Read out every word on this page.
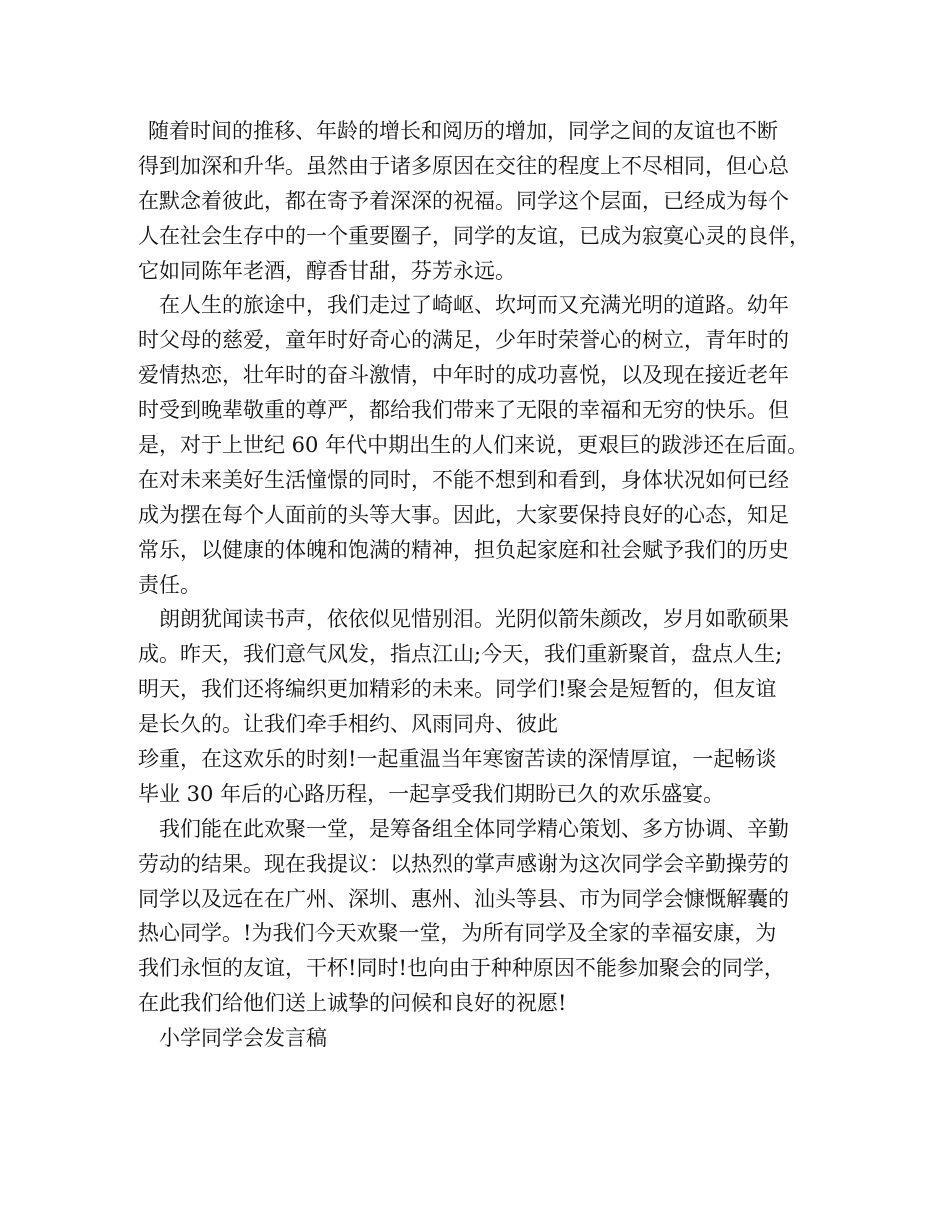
随着时间的推移、年龄的增长和阅历的增加，同学之间的友谊也不断
得到加深和升华。虽然由于诸多原因在交往的程度上不尽相同，但心总
在默念着彼此，都在寄予着深深的祝福。同学这个层面，已经成为每个
人在社会生存中的一个重要圈子，同学的友谊，已成为寂寞心灵的良伴，
它如同陈年老酒，醇香甘甜，芬芳永远。
在人生的旅途中，我们走过了崎岖、坎坷而又充满光明的道路。幼年
时父母的慈爱，童年时好奇心的满足，少年时荣誉心的树立，青年时的
爱情热恋，壮年时的奋斗激情，中年时的成功喜悦，以及现在接近老年
时受到晚辈敬重的尊严，都给我们带来了无限的幸福和无穷的快乐。但
是，对于上世纪 60 年代中期出生的人们来说，更艰巨的跋涉还在后面。
在对未来美好生活憧憬的同时，不能不想到和看到，身体状况如何已经
成为摆在每个人面前的头等大事。因此，大家要保持良好的心态，知足
常乐，以健康的体魄和饱满的精神，担负起家庭和社会赋予我们的历史
责任。
朗朗犹闻读书声，依依似见惜别泪。光阴似箭朱颜改，岁月如歌硕果
成。昨天，我们意气风发，指点江山;今天，我们重新聚首，盘点人生;
明天，我们还将编织更加精彩的未来。同学们!聚会是短暂的，但友谊
是长久的。让我们牵手相约、风雨同舟、彼此
珍重，在这欢乐的时刻!一起重温当年寒窗苦读的深情厚谊，一起畅谈
毕业 30 年后的心路历程，一起享受我们期盼已久的欢乐盛宴。
我们能在此欢聚一堂，是筹备组全体同学精心策划、多方协调、辛勤
劳动的结果。现在我提议：以热烈的掌声感谢为这次同学会辛勤操劳的
同学以及远在在广州、深圳、惠州、汕头等县、市为同学会慷慨解囊的
热心同学。!为我们今天欢聚一堂，为所有同学及全家的幸福安康，为
我们永恒的友谊，干杯!同时!也向由于种种原因不能参加聚会的同学，
在此我们给他们送上诚挚的问候和良好的祝愿!
小学同学会发言稿
